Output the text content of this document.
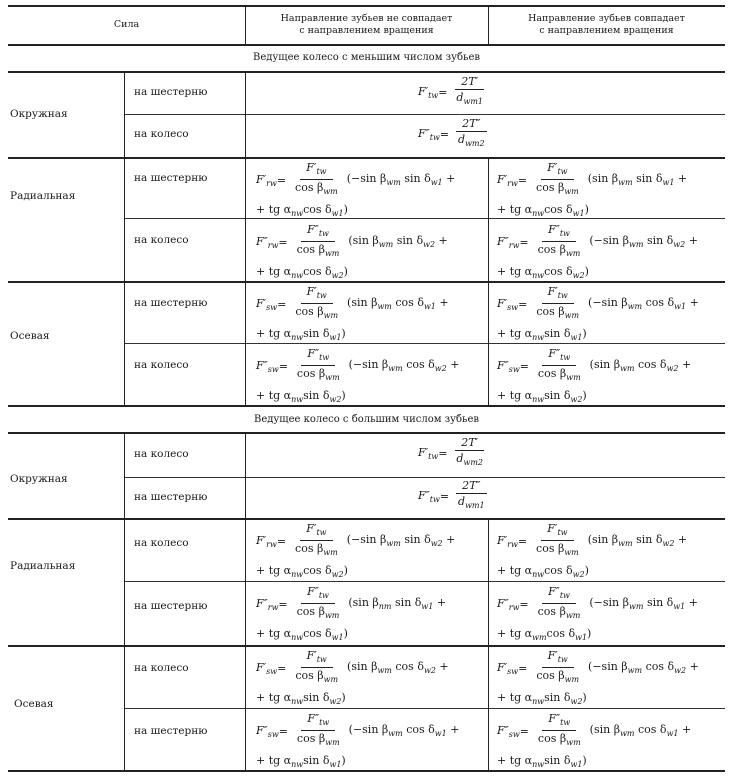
Сила
Направление зубьев не совпадает
с направлением вращения
Направление зубьев совпадает
с направлением вращения
Ведущее колесо с меньшим числом зубьев
Ведущее колесо с большим числом зубьев
Окружная
Радиальная
Осевая
Окружная
Радиальная
Осевая
на шестерню
на колесо
на шестерню
на колесо
на шестерню
на колесо
на колесо
на шестерню
на колесо
на шестерню
на колесо
на шестерню
$F'_{tw} = \frac{2T'}{d_{wm1}}$
$F''_{tw} = \frac{2T''}{d_{wm2}}$
$F'_{tw} = \frac{2T'}{d_{wm2}}$
$F''_{tw} = \frac{2T''}{d_{wm1}}$
$F'_{rw} = \frac{F'_{tw}}{\cos \beta_{wm}} (-\sin$ $\beta_{wm}$ $\sin \delta_{w1}$ +
+ tg $\alpha_{nw}\cos$ $\delta_{w1}$)
$F'_{rw} = \frac{F'_{tw}}{\cos \beta_{wm}} (\sin$ $\beta_{wm}$ $\sin \delta_{w1}$ +
+ tg $\alpha_{nw}\cos$ $\delta_{w1}$)
$F''_{rw} = \frac{F''_{tw}}{\cos \beta_{wm}} (\sin$ $\beta_{wm}$ $\sin \delta_{w2}$ +
+ tg $\alpha_{nw}\cos$ $\delta_{w2}$)
$F''_{rw} = \frac{F''_{tw}}{\cos \beta_{wm}} (-\sin$ $\beta_{wm}$ $\sin \delta_{w2}$ +
+ tg $\alpha_{nw}\cos$ $\delta_{w2}$)
$F'_{sw} = \frac{F'_{tw}}{\cos \beta_{wm}} (\sin$ $\beta_{wm}$ $\cos \delta_{w1}$ +
+ tg $\alpha_{nw}\sin$ $\delta_{w1}$)
$F'_{sw} = \frac{F'_{tw}}{\cos \beta_{wm}} (-\sin$ $\beta_{wm}$ $\cos \delta_{w1}$ +
+ tg $\alpha_{nw}\sin$ $\delta_{w1}$)
$F''_{sw} = \frac{F''_{tw}}{\cos \beta_{wm}} (-\sin$ $\beta_{wm}$ $\cos \delta_{w2}$ +
+ tg $\alpha_{nw}\sin$ $\delta_{w2}$)
$F''_{sw} = \frac{F''_{tw}}{\cos \beta_{wm}} (\sin$ $\beta_{wm}$ $\cos \delta_{w2}$ +
+ tg $\alpha_{nw}\sin$ $\delta_{w2}$)
$F'_{rw} = \frac{F'_{tw}}{\cos \beta_{wm}} (-\sin$ $\beta_{wm}$ $\sin \delta_{w2}$ +
+ tg $\alpha_{nw}\cos$ $\delta_{w2}$)
$F'_{rw} = \frac{F'_{tw}}{\cos \beta_{wm}} (\sin$ $\beta_{wm}$ $\sin \delta_{w2}$ +
+ tg $\alpha_{nw}\cos$ $\delta_{w2}$)
$F''_{rw} = \frac{F''_{tw}}{\cos \beta_{wm}} (\sin$ $\beta_{nm}$ $\sin \delta_{w1}$ +
+ tg $\alpha_{nw}\cos$ $\delta_{w1}$)
$F''_{rw} = \frac{F''_{tw}}{\cos \beta_{wm}} (-\sin$ $\beta_{wm}$ $\sin \delta_{w1}$ +
+ tg $\alpha_{wm}\cos$ $\delta_{w1}$)
$F'_{sw} = \frac{F'_{tw}}{\cos \beta_{wm}} (\sin$ $\beta_{wm}$ $\cos \delta_{w2}$ +
+ tg $\alpha_{nw}\sin$ $\delta_{w2}$)
$F'_{sw} = \frac{F'_{tw}}{\cos \beta_{wm}} (-\sin$ $\beta_{wm}$ $\cos \delta_{w2}$ +
+ tg $\alpha_{nw}\sin$ $\delta_{w2}$)
$F''_{sw} = \frac{F''_{tw}}{\cos \beta_{wm}} (-\sin$ $\beta_{wm}$ $\cos \delta_{w1}$ +
+ tg $\alpha_{nw}\sin$ $\delta_{w1}$)
$F''_{sw} = \frac{F''_{tw}}{\cos \beta_{wm}} (\sin$ $\beta_{wm}$ $\cos \delta_{w1}$ +
+ tg $\alpha_{nw}\sin$ $\delta_{w1}$)
